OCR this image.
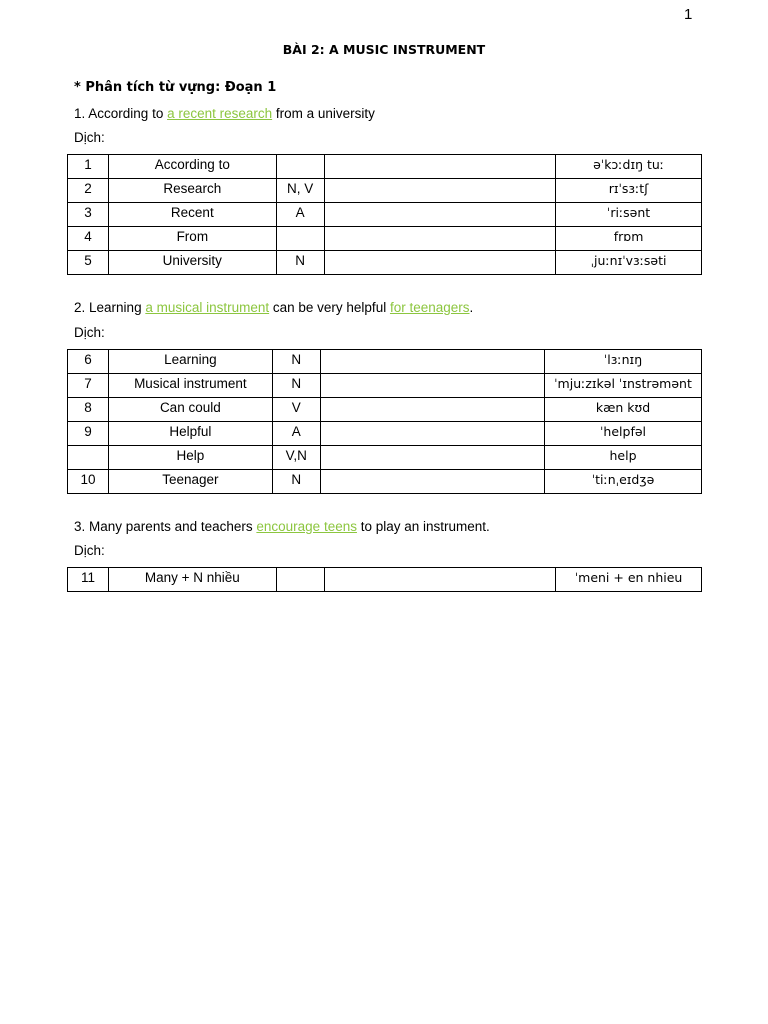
1
BÀI 2: A MUSIC INSTRUMENT
* Phân tích từ vựng: Đoạn 1
1. According to a recent research from a university
Dịch:
1	According to			əˈkɔːdɪŋ tuː
2	Research	N, V		rɪˈsɜːtʃ
3	Recent	A		ˈriːsənt
4	From			frɒm
5	University	N		ˌjuːnɪˈvɜːsəti
2. Learning a musical instrument can be very helpful for teenagers.
Dịch:
6	Learning	N		ˈlɜːnɪŋ
7	Musical instrument	N		ˈmjuːzɪkəl ˈɪnstrəmənt
8	Can could	V		kæn kʊd
9	Helpful	A		ˈhelpfəl
	Help	V,N		help
10	Teenager	N		ˈtiːnˌeɪdʒə
3. Many parents and teachers encourage teens to play an instrument.
Dịch:
11	Many + N nhiều			ˈmeni + en nhieu
